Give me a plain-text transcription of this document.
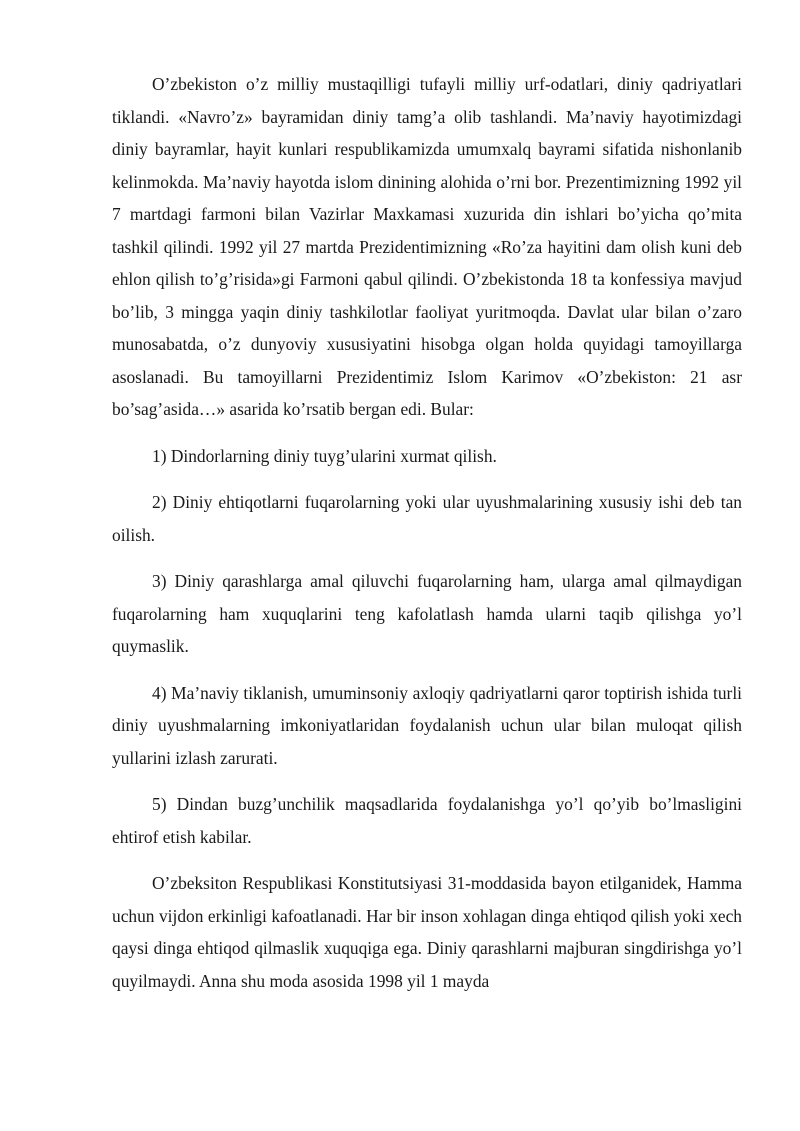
O’zbekiston o’z milliy mustaqilligi tufayli milliy urf-odatlari, diniy qadriyatlari tiklandi. «Navro’z» bayramidan diniy tamg’a olib tashlandi. Ma’naviy hayotimizdagi diniy bayramlar, hayit kunlari respublikamizda umumxalq bayrami sifatida nishonlanib kelinmokda. Ma’naviy hayotda islom dinining alohida o’rni bor. Prezentimizning 1992 yil 7 martdagi farmoni bilan Vazirlar Maxkamasi xuzurida din ishlari bo’yicha qo’mita tashkil qilindi. 1992 yil 27 martda Prezidentimizning «Ro’za hayitini dam olish kuni deb ehlon qilish to’g’risida»gi Farmoni qabul qilindi. O’zbekistonda 18 ta konfessiya mavjud bo’lib, 3 mingga yaqin diniy tashkilotlar faoliyat yuritmoqda. Davlat ular bilan o’zaro munosabatda, o’z dunyoviy xususiyatini hisobga olgan holda quyidagi tamoyillarga asoslanadi. Bu tamoyillarni Prezidentimiz Islom Karimov «O’zbekiston: 21 asr bo’sag’asida…» asarida ko’rsatib bergan edi. Bular:

1) Dindorlarning diniy tuyg’ularini xurmat qilish.

2) Diniy ehtiqotlarni fuqarolarning yoki ular uyushmalarining xususiy ishi deb tan oilish.

3) Diniy qarashlarga amal qiluvchi fuqarolarning ham, ularga amal qilmaydigan fuqarolarning ham xuquqlarini teng kafolatlash hamda ularni taqib qilishga yo’l quymaslik.

4) Ma’naviy tiklanish, umuminsoniy axloqiy qadriyatlarni qaror toptirish ishida turli diniy uyushmalarning imkoniyatlaridan foydalanish uchun ular bilan muloqat qilish yullarini izlash zarurati.

5) Dindan buzg’unchilik maqsadlarida foydalanishga yo’l qo’yib bo’lmasligini ehtirof etish kabilar.

O’zbeksiton Respublikasi Konstitutsiyasi 31-moddasida bayon etilganidek, Hamma uchun vijdon erkinligi kafoatlanadi. Har bir inson xohlagan dinga ehtiqod qilish yoki xech qaysi dinga ehtiqod qilmaslik xuquqiga ega. Diniy qarashlarni majburan singdirishga yo’l quyilmaydi. Anna shu moda asosida 1998 yil 1 mayda
